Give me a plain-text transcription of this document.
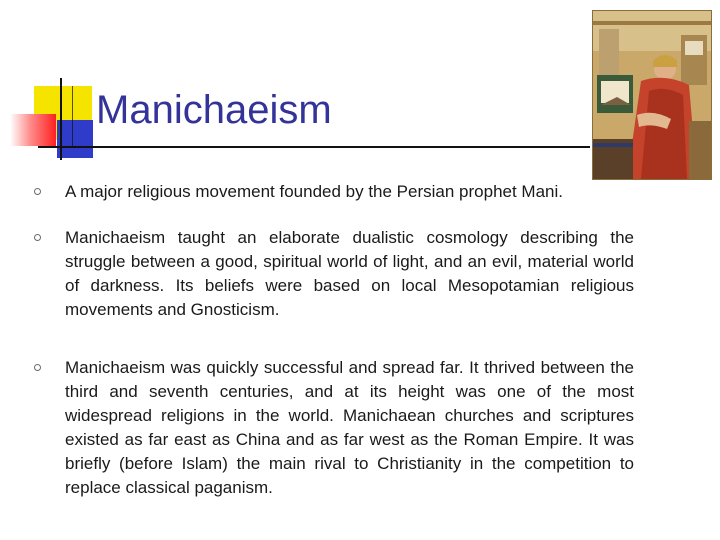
Manichaeism
A major religious movement founded by the Persian prophet Mani.
Manichaeism taught an elaborate dualistic cosmology describing the struggle between a good, spiritual world of light, and an evil, material world of darkness. Its beliefs were based on local Mesopotamian religious movements and Gnosticism.
Manichaeism was quickly successful and spread far. It thrived between the third and seventh centuries, and at its height was one of the most widespread religions in the world. Manichaean churches and scriptures existed as far east as China and as far west as the Roman Empire. It was briefly (before Islam) the main rival to Christianity in the competition to replace classical paganism.
